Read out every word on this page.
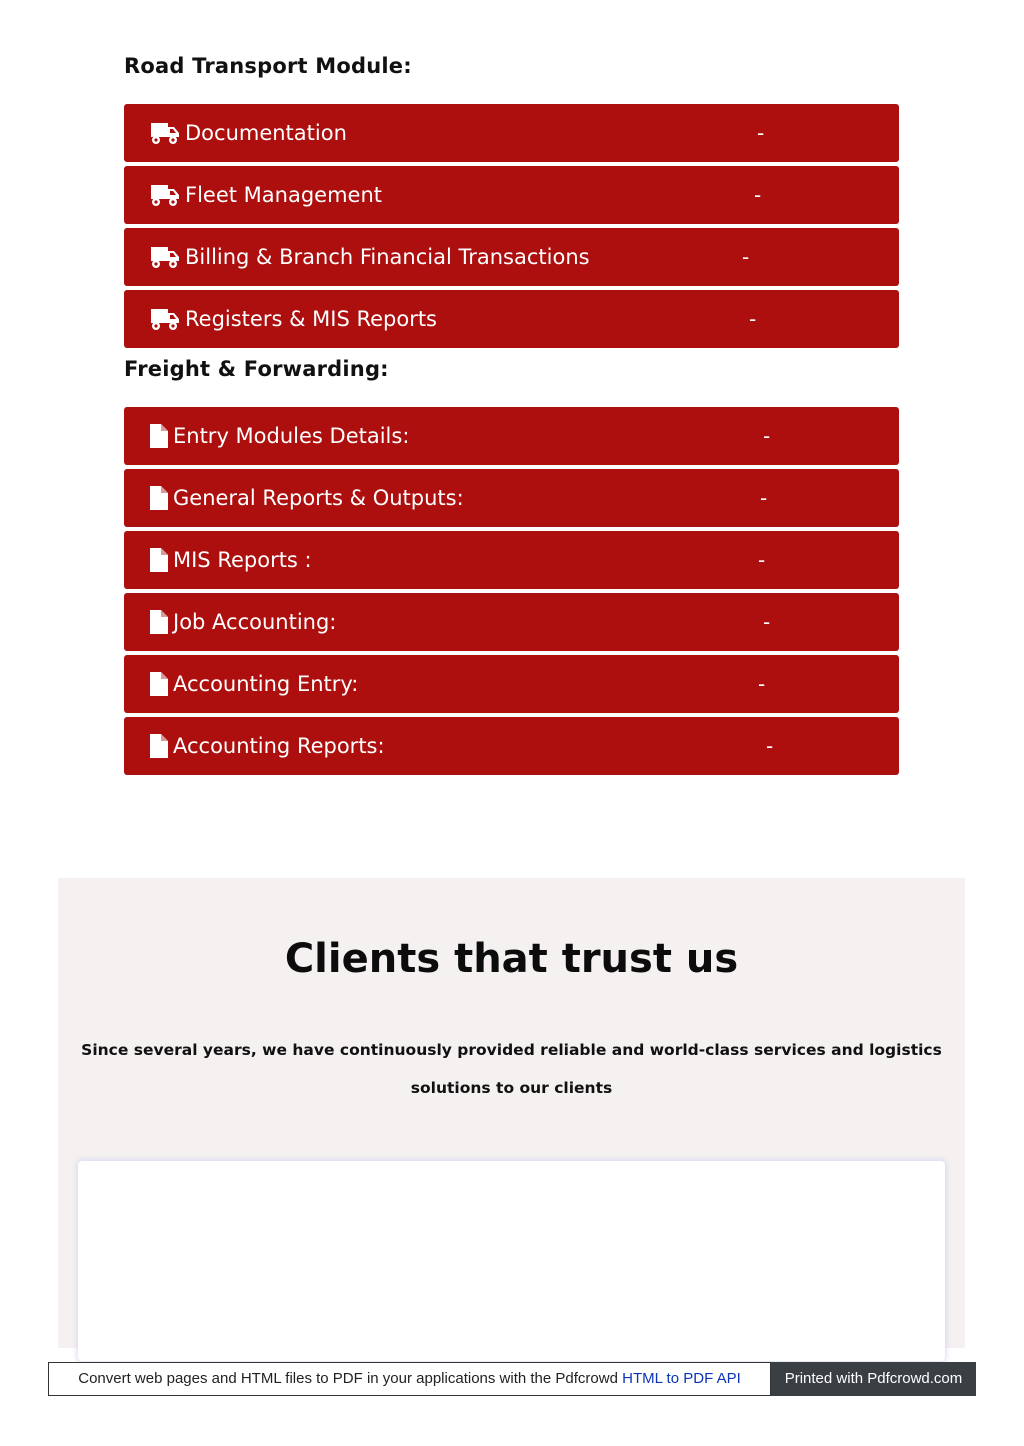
Road Transport Module:
Documentation	-
Fleet Management	-
Billing & Branch Financial Transactions	-
Registers & MIS Reports	-
Freight & Forwarding:
Entry Modules Details:	-
General Reports & Outputs:	-
MIS Reports :	-
Job Accounting:	-
Accounting Entry:	-
Accounting Reports:	-
Clients that trust us
Since several years, we have continuously provided reliable and world-class services and logistics solutions to our clients
Convert web pages and HTML files to PDF in your applications with the Pdfcrowd HTML to PDF API	Printed with Pdfcrowd.com
